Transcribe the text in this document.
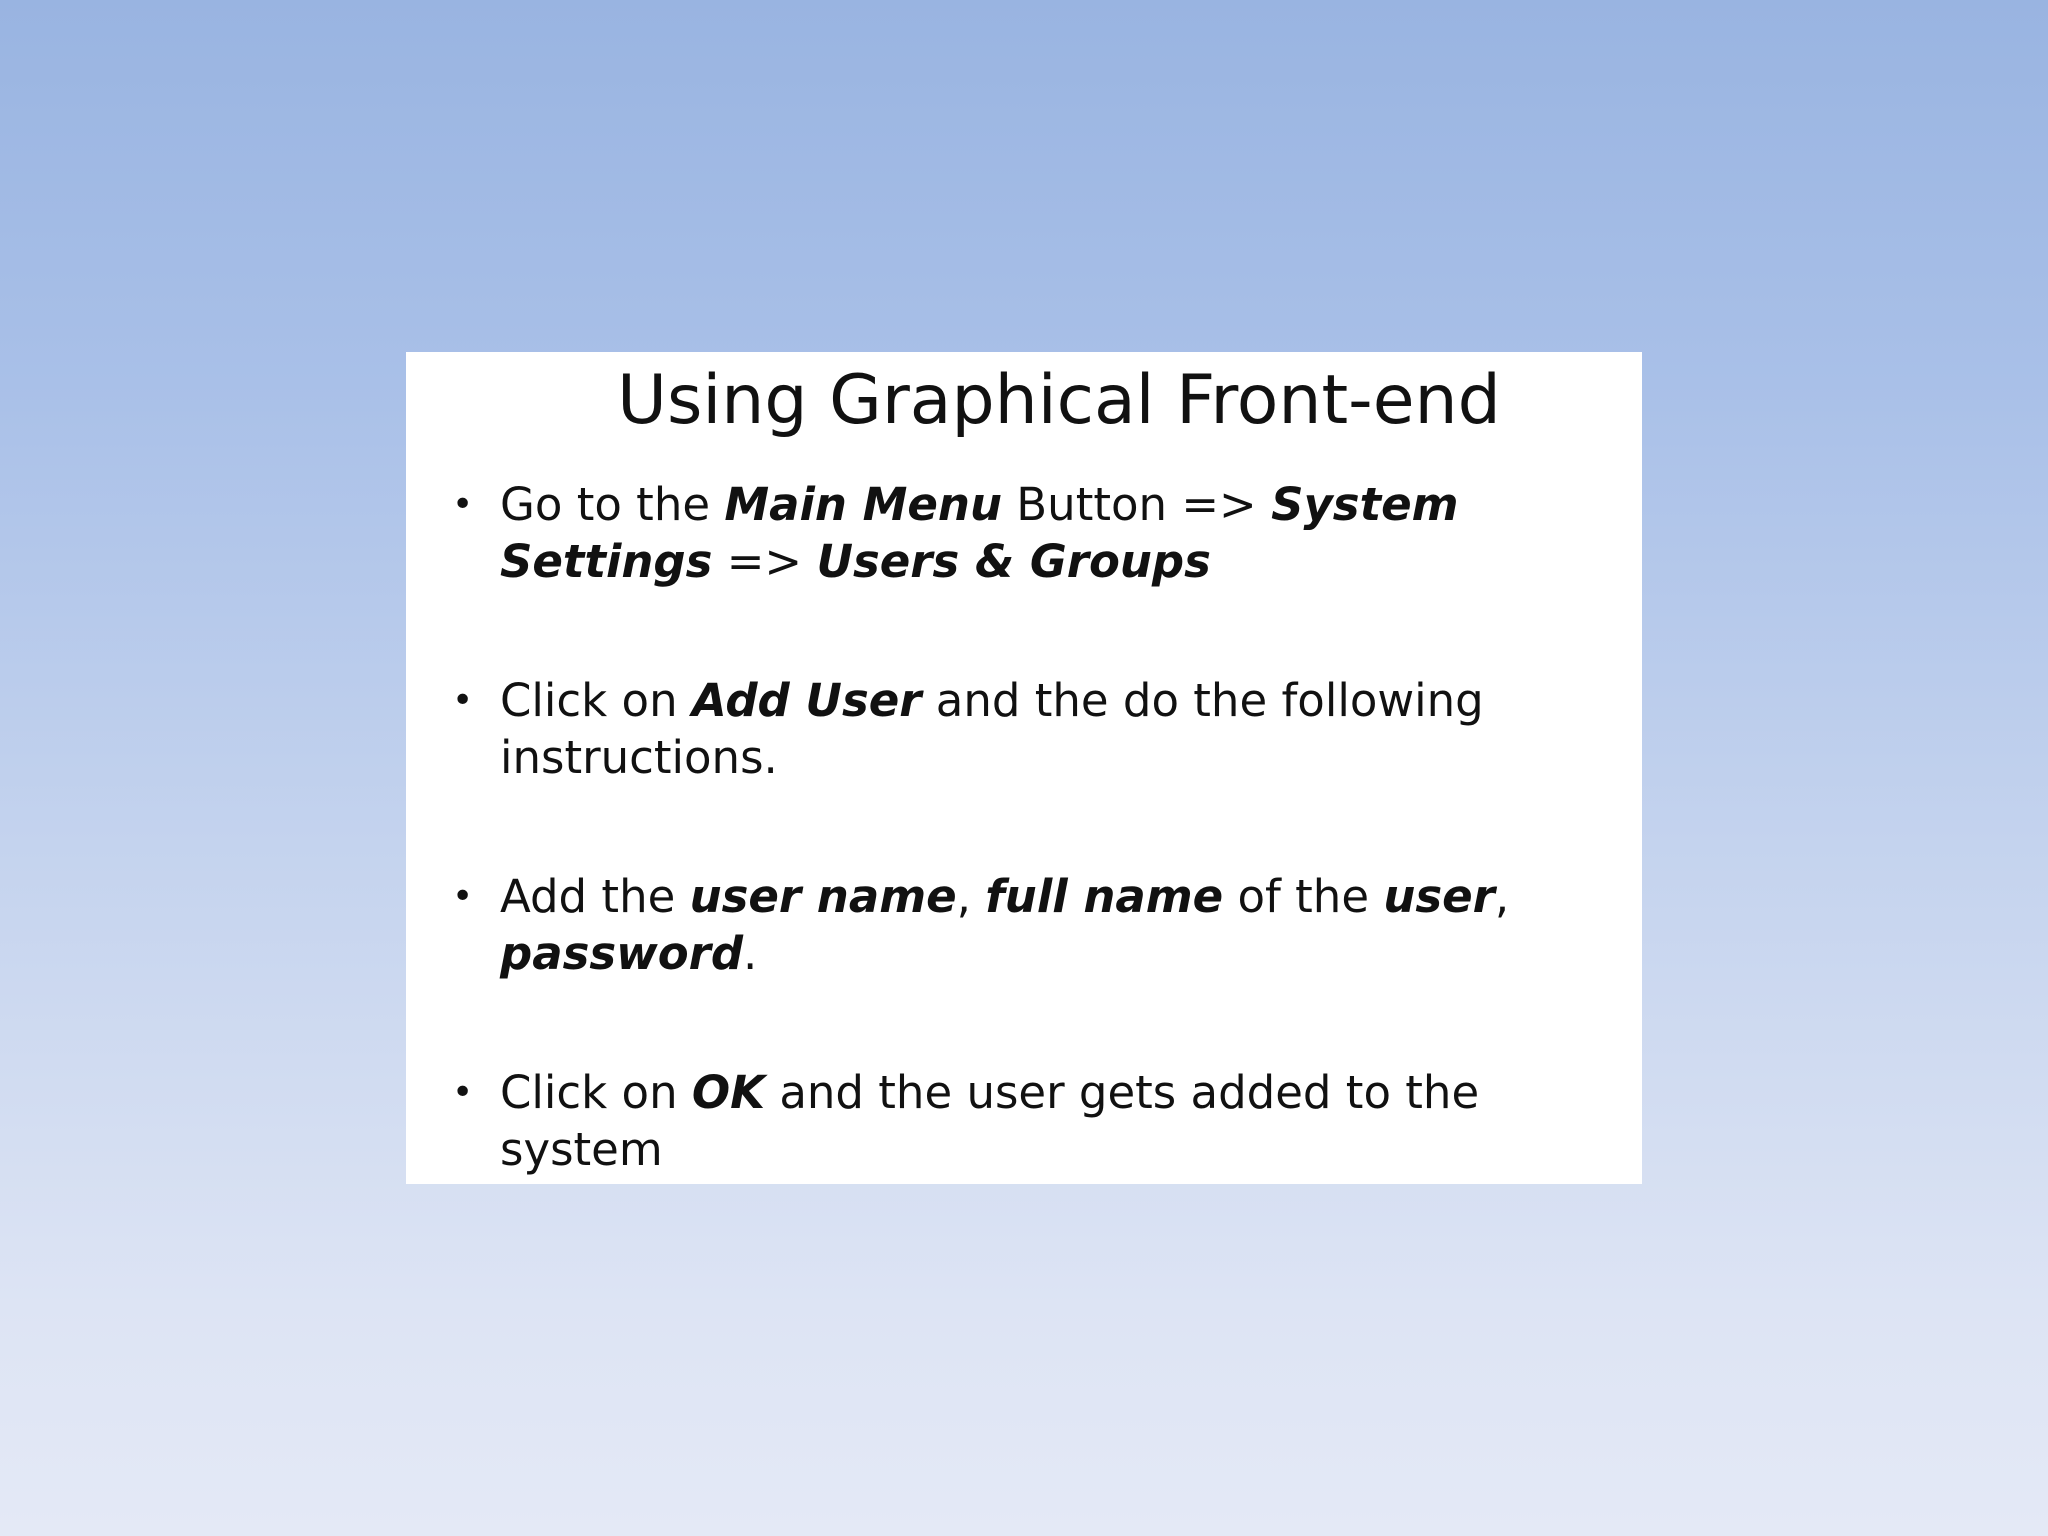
Using Graphical Front-end
• Go to the Main Menu Button => System Settings => Users & Groups
• Click on Add User and the do the following instructions.
• Add the user name, full name of the user, password.
• Click on OK and the user gets added to the system
